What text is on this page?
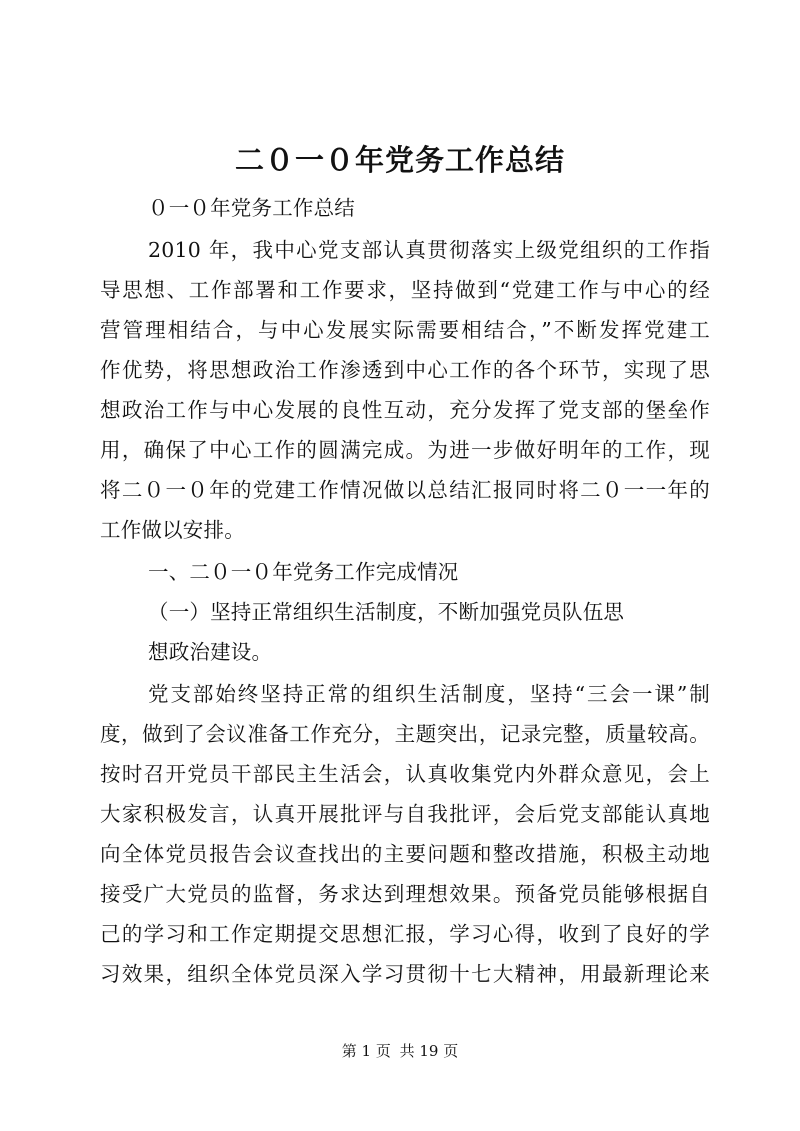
二０一０年党务工作总结
０一０年党务工作总结
2010 年，我中心党支部认真贯彻落实上级党组织的工作指
导思想、工作部署和工作要求，坚持做到“党建工作与中心的经
营管理相结合，与中心发展实际需要相结合，”不断发挥党建工
作优势，将思想政治工作渗透到中心工作的各个环节，实现了思
想政治工作与中心发展的良性互动，充分发挥了党支部的堡垒作
用，确保了中心工作的圆满完成。为进一步做好明年的工作，现
将二０一０年的党建工作情况做以总结汇报同时将二０一一年的
工作做以安排。
一、二０一０年党务工作完成情况
（一）坚持正常组织生活制度，不断加强党员队伍思
想政治建设。
党支部始终坚持正常的组织生活制度，坚持“三会一课”制
度，做到了会议准备工作充分，主题突出，记录完整，质量较高。
按时召开党员干部民主生活会，认真收集党内外群众意见，会上
大家积极发言，认真开展批评与自我批评，会后党支部能认真地
向全体党员报告会议查找出的主要问题和整改措施，积极主动地
接受广大党员的监督，务求达到理想效果。预备党员能够根据自
己的学习和工作定期提交思想汇报，学习心得，收到了良好的学
习效果，组织全体党员深入学习贯彻十七大精神，用最新理论来
第 1 页 共 19 页
